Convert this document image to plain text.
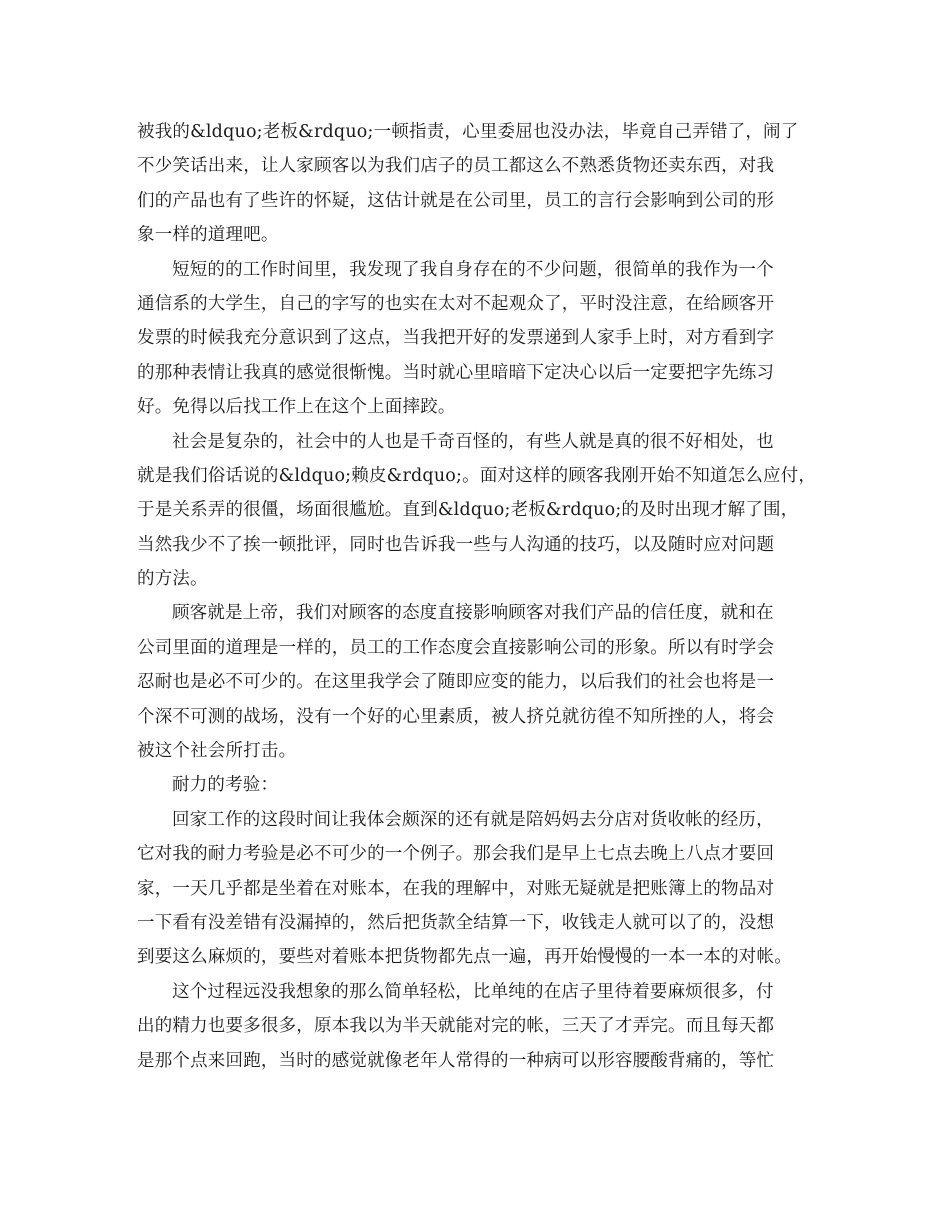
被我的&ldquo;老板&rdquo;一顿指责，心里委屈也没办法，毕竟自己弄错了，闹了
不少笑话出来，让人家顾客以为我们店子的员工都这么不熟悉货物还卖东西，对我
们的产品也有了些许的怀疑，这估计就是在公司里，员工的言行会影响到公司的形
象一样的道理吧。
短短的的工作时间里，我发现了我自身存在的不少问题，很简单的我作为一个
通信系的大学生，自己的字写的也实在太对不起观众了，平时没注意，在给顾客开
发票的时候我充分意识到了这点，当我把开好的发票递到人家手上时，对方看到字
的那种表情让我真的感觉很惭愧。当时就心里暗暗下定决心以后一定要把字先练习
好。免得以后找工作上在这个上面摔跤。
社会是复杂的，社会中的人也是千奇百怪的，有些人就是真的很不好相处，也
就是我们俗话说的&ldquo;赖皮&rdquo;。面对这样的顾客我刚开始不知道怎么应付，
于是关系弄的很僵，场面很尴尬。直到&ldquo;老板&rdquo;的及时出现才解了围，
当然我少不了挨一顿批评，同时也告诉我一些与人沟通的技巧，以及随时应对问题
的方法。
顾客就是上帝，我们对顾客的态度直接影响顾客对我们产品的信任度，就和在
公司里面的道理是一样的，员工的工作态度会直接影响公司的形象。所以有时学会
忍耐也是必不可少的。在这里我学会了随即应变的能力，以后我们的社会也将是一
个深不可测的战场，没有一个好的心里素质，被人挤兑就彷徨不知所挫的人，将会
被这个社会所打击。
耐力的考验：
回家工作的这段时间让我体会颇深的还有就是陪妈妈去分店对货收帐的经历，
它对我的耐力考验是必不可少的一个例子。那会我们是早上七点去晚上八点才要回
家，一天几乎都是坐着在对账本，在我的理解中，对账无疑就是把账簿上的物品对
一下看有没差错有没漏掉的，然后把货款全结算一下，收钱走人就可以了的，没想
到要这么麻烦的，要些对着账本把货物都先点一遍，再开始慢慢的一本一本的对帐。
这个过程远没我想象的那么简单轻松，比单纯的在店子里待着要麻烦很多，付
出的精力也要多很多，原本我以为半天就能对完的帐，三天了才弄完。而且每天都
是那个点来回跑，当时的感觉就像老年人常得的一种病可以形容腰酸背痛的，等忙
